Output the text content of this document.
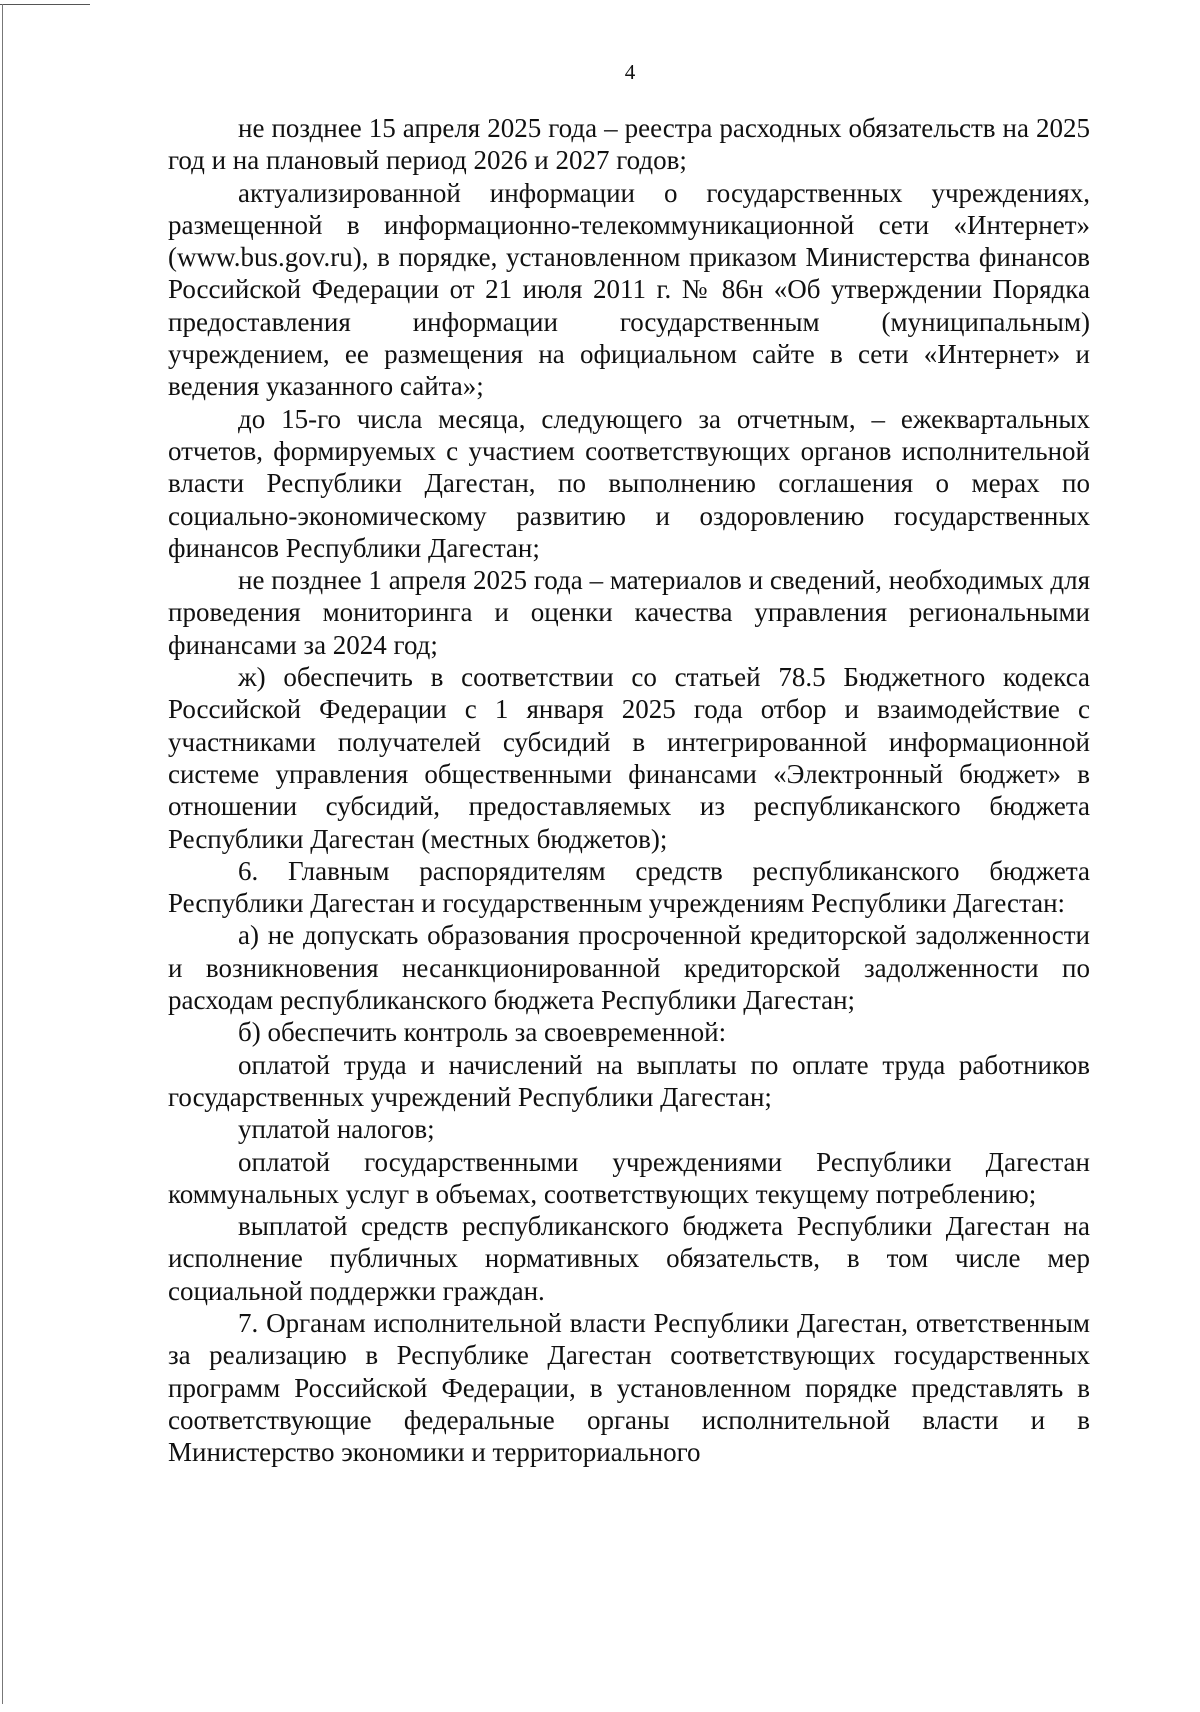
4

не позднее 15 апреля 2025 года – реестра расходных обязательств на 2025 год и на плановый период 2026 и 2027 годов;

актуализированной информации о государственных учреждениях, размещенной в информационно-телекоммуникационной сети «Интернет» (www.bus.gov.ru), в порядке, установленном приказом Министерства финансов Российской Федерации от 21 июля 2011 г. № 86н «Об утверждении Порядка предоставления информации государственным (муниципальным) учреждением, ее размещения на официальном сайте в сети «Интернет» и ведения указанного сайта»;

до 15-го числа месяца, следующего за отчетным, – ежеквартальных отчетов, формируемых с участием соответствующих органов исполнительной власти Республики Дагестан, по выполнению соглашения о мерах по социально-экономическому развитию и оздоровлению государственных финансов Республики Дагестан;

не позднее 1 апреля 2025 года – материалов и сведений, необходимых для проведения мониторинга и оценки качества управления региональными финансами за 2024 год;

ж) обеспечить в соответствии со статьей 78.5 Бюджетного кодекса Российской Федерации с 1 января 2025 года отбор и взаимодействие с участниками получателей субсидий в интегрированной информационной системе управления общественными финансами «Электронный бюджет» в отношении субсидий, предоставляемых из республиканского бюджета Республики Дагестан (местных бюджетов);

6. Главным распорядителям средств республиканского бюджета Республики Дагестан и государственным учреждениям Республики Дагестан:

а) не допускать образования просроченной кредиторской задолженности и возникновения несанкционированной кредиторской задолженности по расходам республиканского бюджета Республики Дагестан;

б) обеспечить контроль за своевременной:

оплатой труда и начислений на выплаты по оплате труда работников государственных учреждений Республики Дагестан;

уплатой налогов;

оплатой государственными учреждениями Республики Дагестан коммунальных услуг в объемах, соответствующих текущему потреблению;

выплатой средств республиканского бюджета Республики Дагестан на исполнение публичных нормативных обязательств, в том числе мер социальной поддержки граждан.

7. Органам исполнительной власти Республики Дагестан, ответственным за реализацию в Республике Дагестан соответствующих государственных программ Российской Федерации, в установленном порядке представлять в соответствующие федеральные органы исполнительной власти и в Министерство экономики и территориального
